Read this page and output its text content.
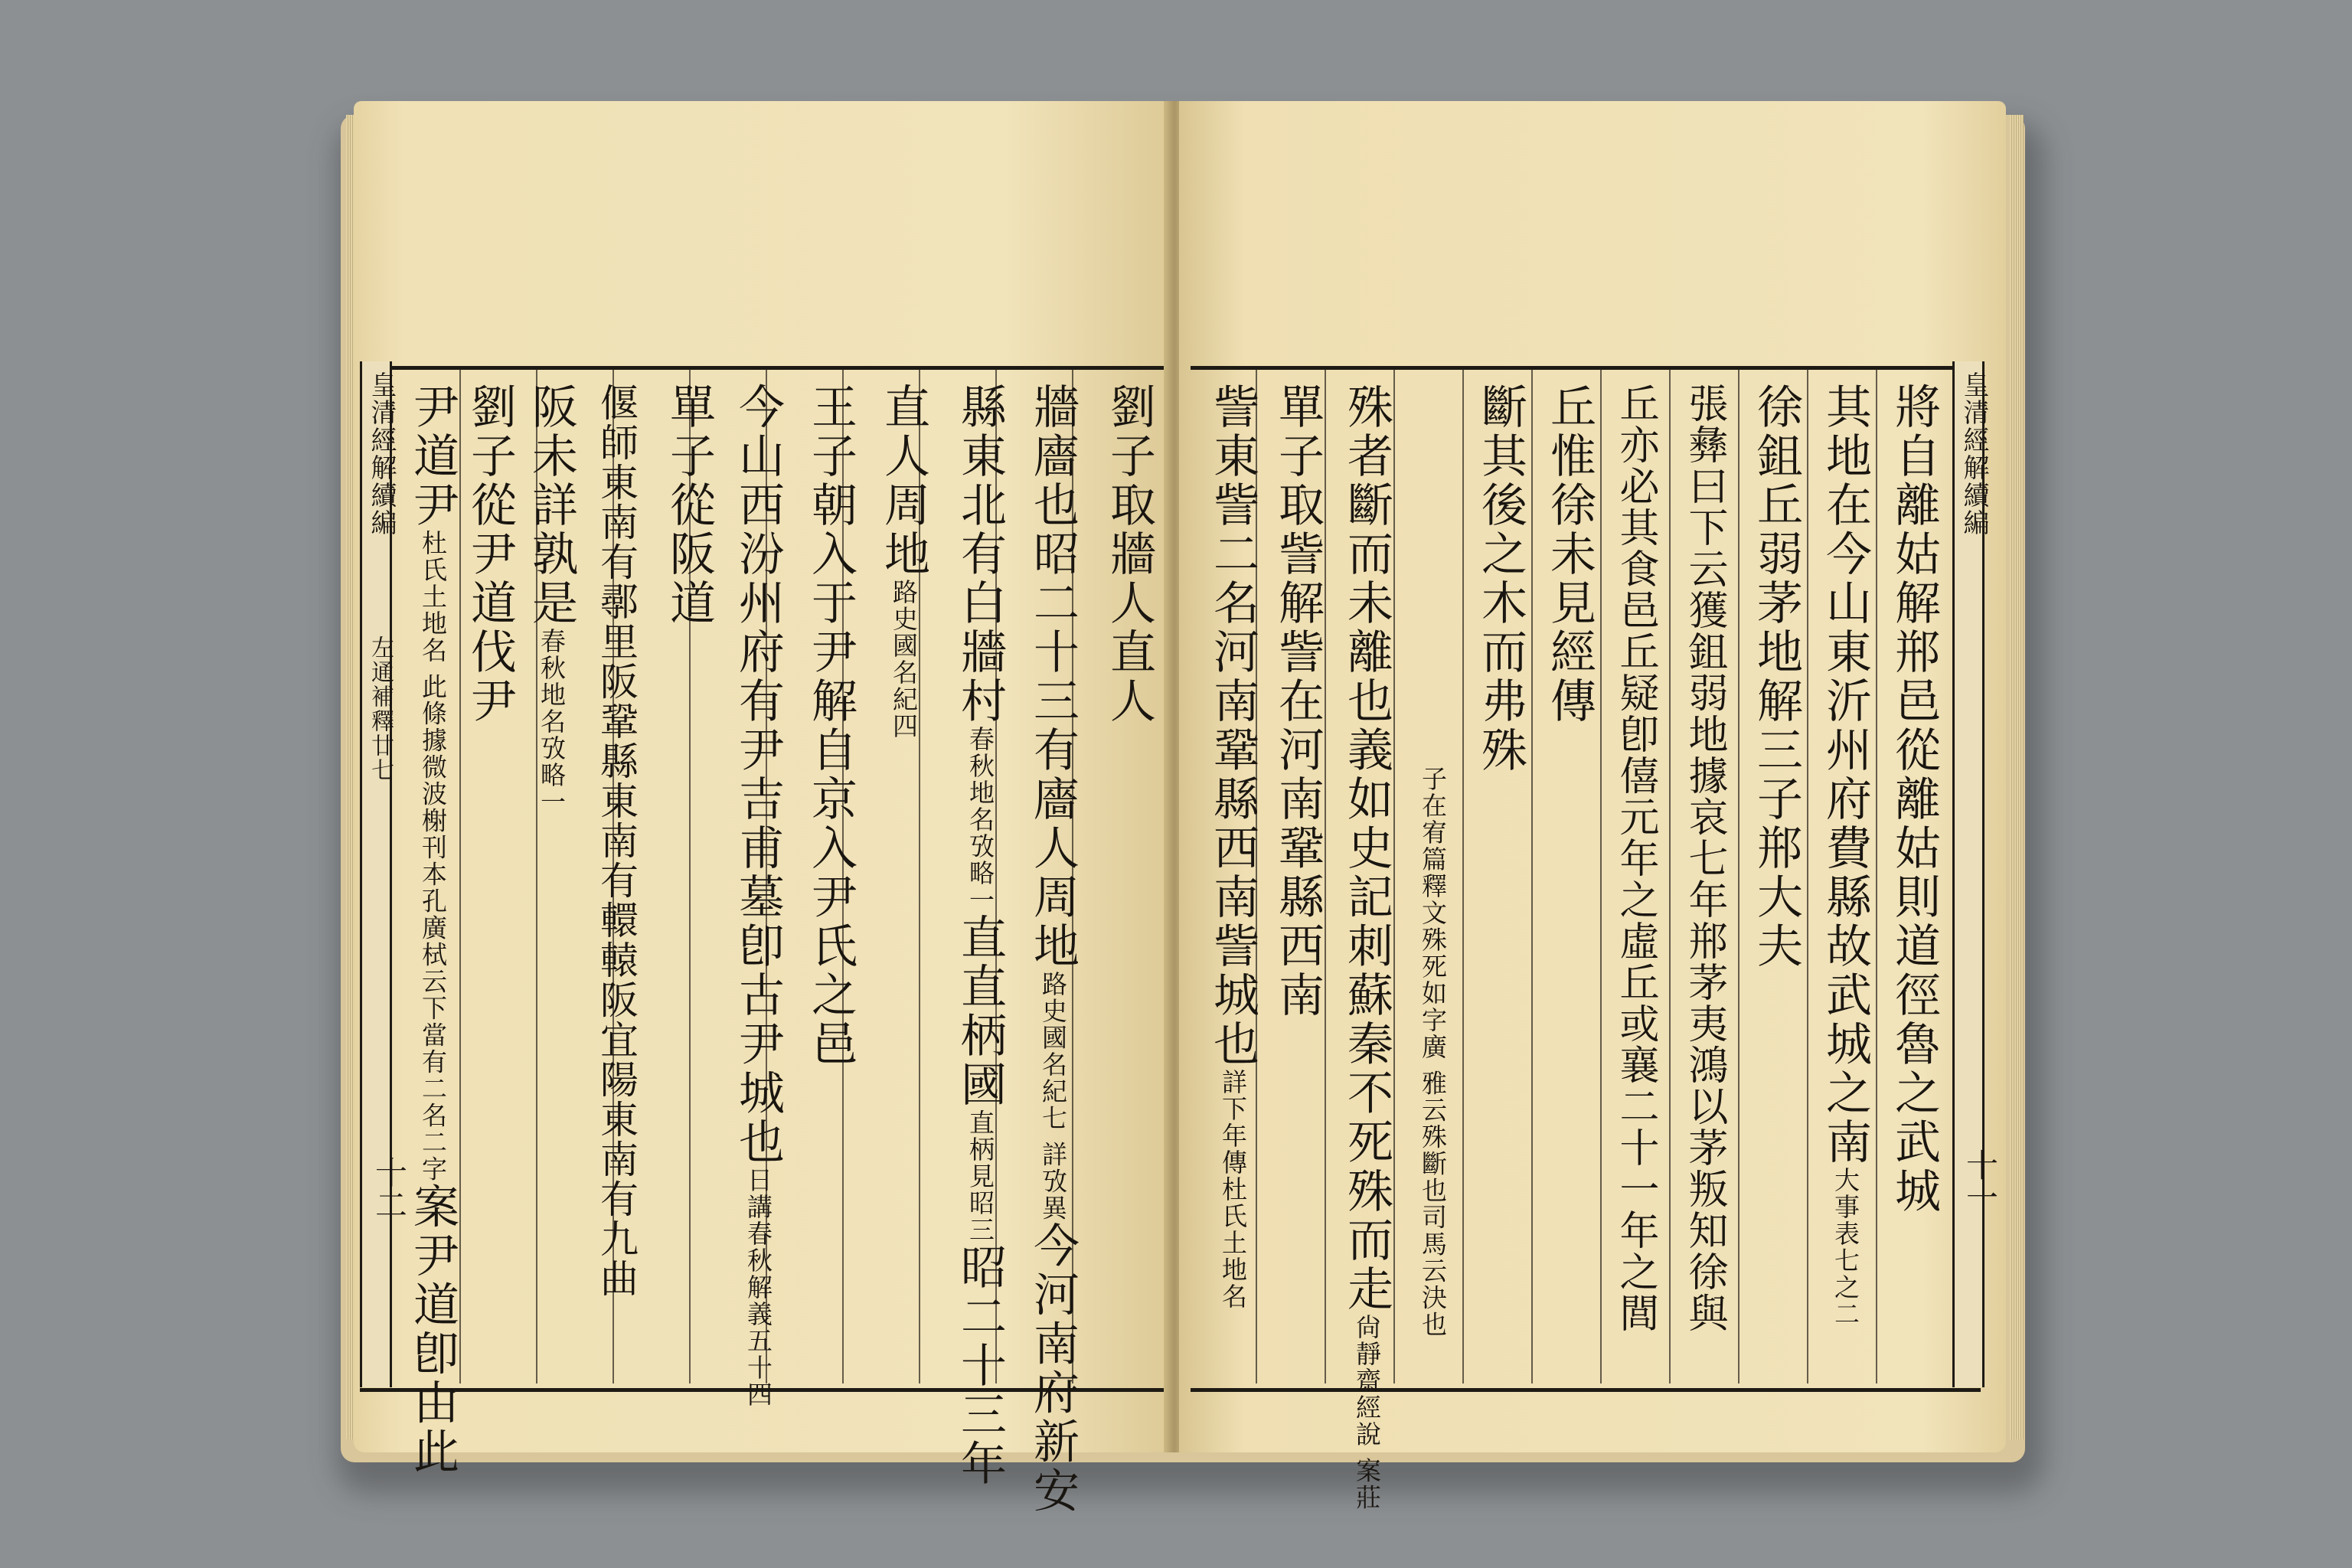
皇清經解續編
左通補釋廿七
十二
劉子取牆人直人
牆廧也昭二十三有廧人周地路史國名紀七 詳攷異今河南府新安
縣東北有白牆村春秋地名攷略一直直柄國直柄見昭三昭二十三年
直人周地路史國名紀四
王子朝入于尹解自京入尹氏之邑
今山西汾州府有尹吉甫墓卽古尹城也日講春秋解義五十四
單子從阪道
偃師東南有鄩里阪鞏縣東南有轘轅阪宜陽東南有九曲
阪未詳孰是春秋地名攷略一
劉子從尹道伐尹
尹道尹杜氏土地名 此條據微波榭刊本孔廣栻云下當有二名二字案尹道卽由此
皇清經解續編
十一
將自離姑解郱邑從離姑則道徑魯之武城
其地在今山東沂州府費縣故武城之南大事表七之二
徐鉏丘弱茅地解三子郱大夫
張彝曰下云獲鉏弱地據哀七年郱茅夷鴻以茅叛知徐與
丘亦必其食邑丘疑卽僖元年之虛丘或襄二十一年之閭
丘惟徐未見經傳
斷其後之木而弗殊
子在宥篇釋文殊死如字廣 雅云殊斷也司馬云決也
殊者斷而未離也義如史記刺蘇秦不死殊而走尙靜齋經說 案莊
單子取訾解訾在河南鞏縣西南
訾東訾二名河南鞏縣西南訾城也詳下年傳杜氏土地名
